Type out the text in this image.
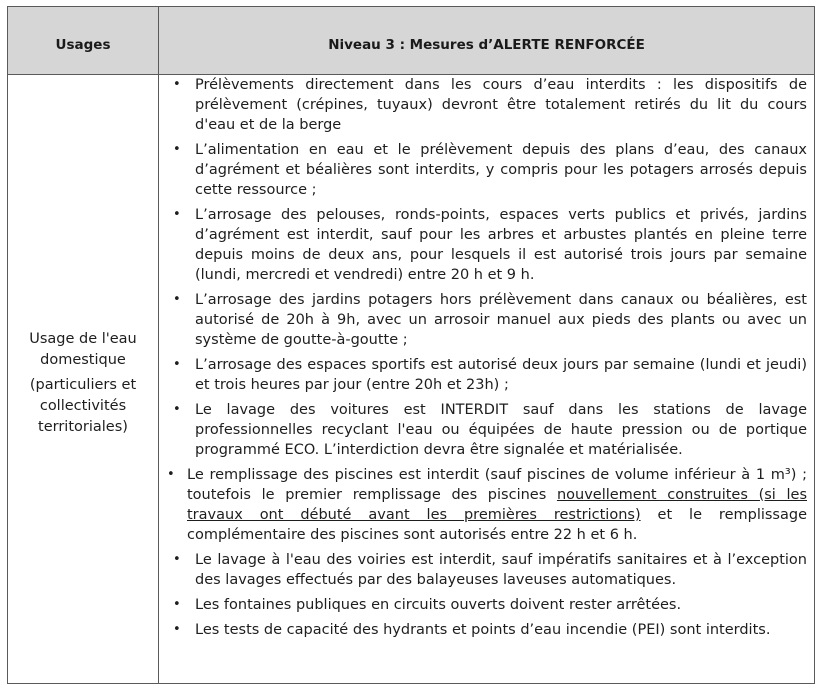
Usages	Niveau 3 : Mesures d’ALERTE RENFORCÉE
Usage de l'eau
domestique
(particuliers et
collectivités
territoriales)
• Prélèvements directement dans les cours d’eau interdits : les dispositifs de prélèvement (crépines, tuyaux) devront être totalement retirés du lit du cours d'eau et de la berge
• L’alimentation en eau et le prélèvement depuis des plans d’eau, des canaux d’agrément et béalières sont interdits, y compris pour les potagers arrosés depuis cette ressource ;
• L’arrosage des pelouses, ronds-points, espaces verts publics et privés, jardins d’agrément est interdit, sauf pour les arbres et arbustes plantés en pleine terre depuis moins de deux ans, pour lesquels il est autorisé trois jours par semaine (lundi, mercredi et vendredi) entre 20 h et 9 h.
• L’arrosage des jardins potagers hors prélèvement dans canaux ou béalières, est autorisé de 20h à 9h, avec un arrosoir manuel aux pieds des plants ou avec un système de goutte-à-goutte ;
• L’arrosage des espaces sportifs est autorisé deux jours par semaine (lundi et jeudi) et trois heures par jour (entre 20h et 23h) ;
• Le lavage des voitures est INTERDIT sauf dans les stations de lavage professionnelles recyclant l'eau ou équipées de haute pression ou de portique programmé ECO. L’interdiction devra être signalée et matérialisée.
• Le remplissage des piscines est interdit (sauf piscines de volume inférieur à 1 m³) ; toutefois le premier remplissage des piscines nouvellement construites (si les travaux ont débuté avant les premières restrictions) et le remplissage complémentaire des piscines sont autorisés entre 22 h et 6 h.
• Le lavage à l'eau des voiries est interdit, sauf impératifs sanitaires et à l’exception des lavages effectués par des balayeuses laveuses automatiques.
• Les fontaines publiques en circuits ouverts doivent rester arrêtées.
• Les tests de capacité des hydrants et points d’eau incendie (PEI) sont interdits.
